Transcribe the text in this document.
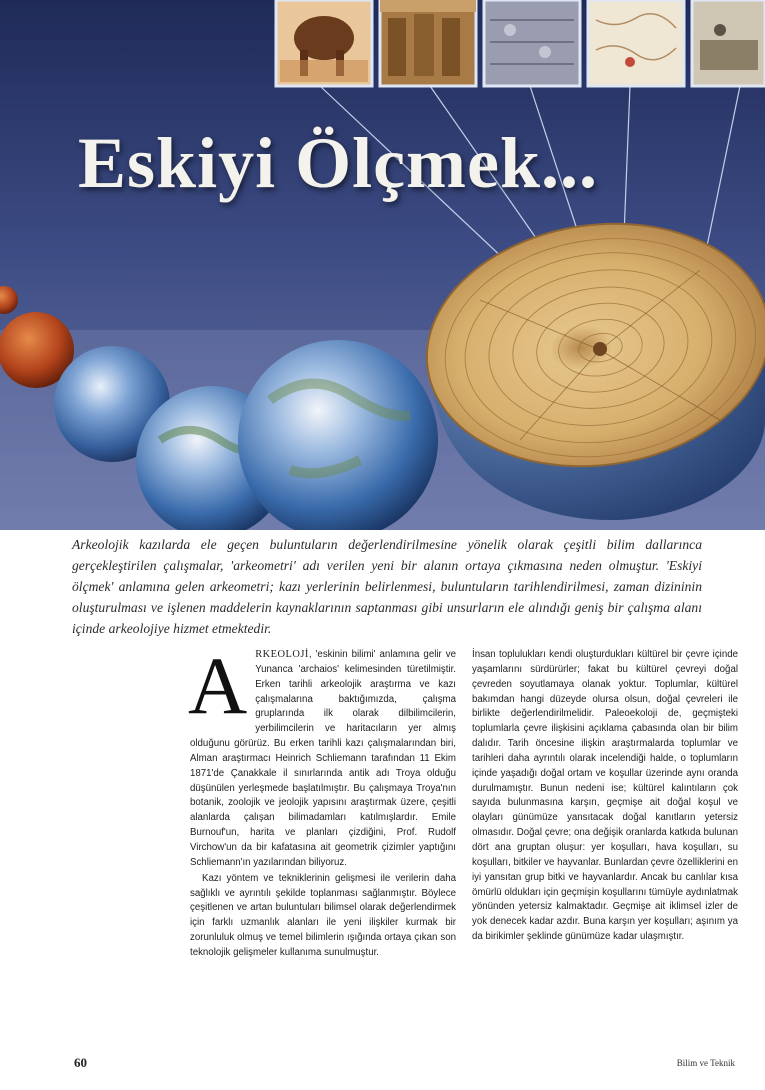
Eskiyi Ölçmek...

Arkeolojik kazılarda ele geçen buluntuların değerlendirilmesine yönelik olarak çeşitli bilim dallarınca gerçekleştirilen çalışmalar, 'arkeometri' adı verilen yeni bir alanın ortaya çıkmasına neden olmuştur. 'Eskiyi ölçmek' anlamına gelen arkeometri; kazı yerlerinin belirlenmesi, buluntuların tarihlendirilmesi, zaman dizininin oluşturulması ve işlenen maddelerin kaynaklarının saptanması gibi unsurların ele alındığı geniş bir çalışma alanı içinde arkeolojiye hizmet etmektedir.

ARKEOLOJİ, 'eskinin bilimi' anlamına gelir ve Yunanca 'archaios' kelimesinden türetilmiştir. Erken tarihli arkeolojik araştırma ve kazı çalışmalarına baktığımızda, çalışma gruplarında ilk olarak dilbilimcilerin, yerbilimcilerin ve haritacıların yer almış olduğunu görürüz. Bu erken tarihli kazı çalışmalarından biri, Alman araştırmacı Heinrich Schliemann tarafından 11 Ekim 1871'de Çanakkale il sınırlarında antik adı Troya olduğu düşünülen yerleşmede başlatılmıştır. Bu çalışmaya Troya'nın botanik, zoolojik ve jeolojik yapısını araştırmak üzere, çeşitli alanlarda çalışan bilimadamları katılmışlardır. Emile Burnouf'un, harita ve planları çizdiğini, Prof. Rudolf Virchow'un da bir kafatasına ait geometrik çizimler yaptığını Schliemann'ın yazılarından biliyoruz.

Kazı yöntem ve tekniklerinin gelişmesi ile verilerin daha sağlıklı ve ayrıntılı şekilde toplanması sağlanmıştır. Böylece çeşitlenen ve artan buluntuları bilimsel olarak değerlendirmek için farklı uzmanlık alanları ile yeni ilişkiler kurmak bir zorunluluk olmuş ve temel bilimlerin ışığında ortaya çıkan son teknolojik gelişmeler kullanıma sunulmuştur.

İnsan toplulukları kendi oluşturdukları kültürel bir çevre içinde yaşamlarını sürdürürler; fakat bu kültürel çevreyi doğal çevreden soyutlamaya olanak yoktur. Toplumlar, kültürel bakımdan hangi düzeyde olursa olsun, doğal çevreleri ile birlikte değerlendirilmelidir. Paleoekoloji de, geçmişteki toplumlarla çevre ilişkisini açıklama çabasında olan bir bilim dalıdır. Tarih öncesine ilişkin araştırmalarda toplumlar ve tarihleri daha ayrıntılı olarak incelendiği halde, o toplumların içinde yaşadığı doğal ortam ve koşullar üzerinde aynı oranda durulmamıştır. Bunun nedeni ise; kültürel kalıntıların çok sayıda bulunmasına karşın, geçmişe ait doğal koşul ve olayları günümüze yansıtacak doğal kanıtların yetersiz olmasıdır. Doğal çevre; ona değişik oranlarda katkıda bulunan dört ana gruptan oluşur: yer koşulları, hava koşulları, su koşulları, bitkiler ve hayvanlar. Bunlardan çevre özelliklerini en iyi yansıtan grup bitki ve hayvanlardır. Ancak bu canlılar kısa ömürlü oldukları için geçmişin koşullarını tümüyle aydınlatmak yönünden yetersiz kalmaktadır. Geçmişe ait iklimsel izler de yok denecek kadar azdır. Buna karşın yer koşulları; aşınım ya da birikimler şeklinde günümüze kadar ulaşmıştır.

60	Bilim ve Teknik
